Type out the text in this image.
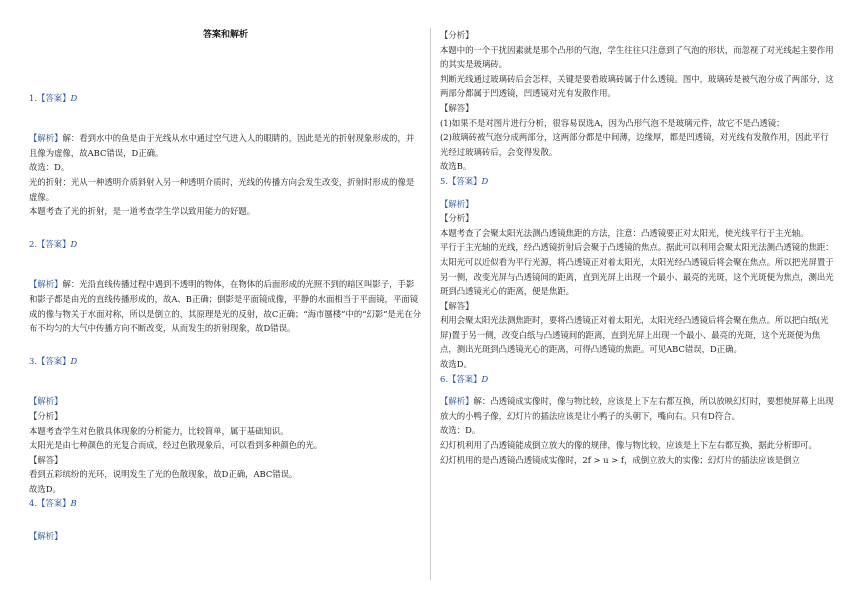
答案和解析

1.【答案】D

【解析】解：看到水中的鱼是由于光线从水中通过空气进入人的眼睛的，因此是光的折射现象形成的，并且像为虚像，故ABC错误，D正确。

故选：D。

光的折射：光从一种透明介质斜射入另一种透明介质时，光线的传播方向会发生改变，折射时形成的像是虚像。

本题考查了光的折射，是一道考查学生学以致用能力的好题。

2.【答案】D

【解析】解：光沿直线传播过程中遇到不透明的物体，在物体的后面形成的光照不到的暗区叫影子，手影和影子都是由光的直线传播形成的，故A、B正确；倒影是平面镜成像，平静的水面相当于平面镜，平面镜成的像与物关于水面对称，所以是倒立的，其原理是光的反射，故C正确；“海市蜃楼”中的“幻影”是光在分布不均匀的大气中传播方向不断改变，从而发生的折射现象，故D错误。

3.【答案】D

【解析】

【分析】

本题考查学生对色散具体现象的分析能力，比较简单，属于基础知识。

太阳光是由七种颜色的光复合而成，经过色散现象后，可以看到多种颜色的光。

【解答】

看到五彩缤纷的光环，说明发生了光的色散现象，故D正确，ABC错误。

故选D。

4.【答案】B

【解析】

【分析】

本题中的一个干扰因素就是那个凸形的气泡，学生往往只注意到了气泡的形状，而忽视了对光线起主要作用的其实是玻璃砖。

判断光线通过玻璃砖后会怎样，关键是要看玻璃砖属于什么透镜。图中，玻璃砖是被气泡分成了两部分，这两部分都属于凹透镜，凹透镜对光有发散作用。

【解答】

(1)如果不是对图片进行分析，很容易误选A，因为凸形气泡不是玻璃元件，故它不是凸透镜；

(2)玻璃砖被气泡分成两部分，这两部分都是中间薄，边缘厚，都是凹透镜，对光线有发散作用，因此平行光经过玻璃砖后，会变得发散。

故选B。

5.【答案】D

【解析】

【分析】

本题考查了会聚太阳光法测凸透镜焦距的方法，注意：凸透镜要正对太阳光，使光线平行于主光轴。

平行于主光轴的光线，经凸透镜折射后会聚于凸透镜的焦点。据此可以利用会聚太阳光法测凸透镜的焦距：太阳光可以近似看为平行光源，将凸透镜正对着太阳光，太阳光经凸透镜后将会聚在焦点。所以把光屏置于另一侧，改变光屏与凸透镜间的距离，直到光屏上出现一个最小、最亮的光斑，这个光斑便为焦点，测出光斑到凸透镜光心的距离，便是焦距。

【解答】

利用会聚太阳光法测焦距时，要将凸透镜正对着太阳光，太阳光经凸透镜后将会聚在焦点。所以把白纸(光屏)置于另一侧，改变白纸与凸透镜间的距离，直到光屏上出现一个最小、最亮的光斑，这个光斑便为焦点，测出光斑到凸透镜光心的距离，可得凸透镜的焦距。可见ABC错误，D正确。

故选D。

6.【答案】D

【解析】解：凸透镜成实像时，像与物比较，应该是上下左右都互换，所以放映幻灯时，要想使屏幕上出现放大的小鸭子像，幻灯片的插法应该是让小鸭子的头朝下，嘴向右。只有D符合。

故选：D。

幻灯机利用了凸透镜能成倒立放大的像的规律，像与物比较，应该是上下左右都互换，据此分析即可。

幻灯机用的是凸透镜凸透镜成实像时，2f > u > f，成倒立放大的实像；幻灯片的插法应该是倒立
